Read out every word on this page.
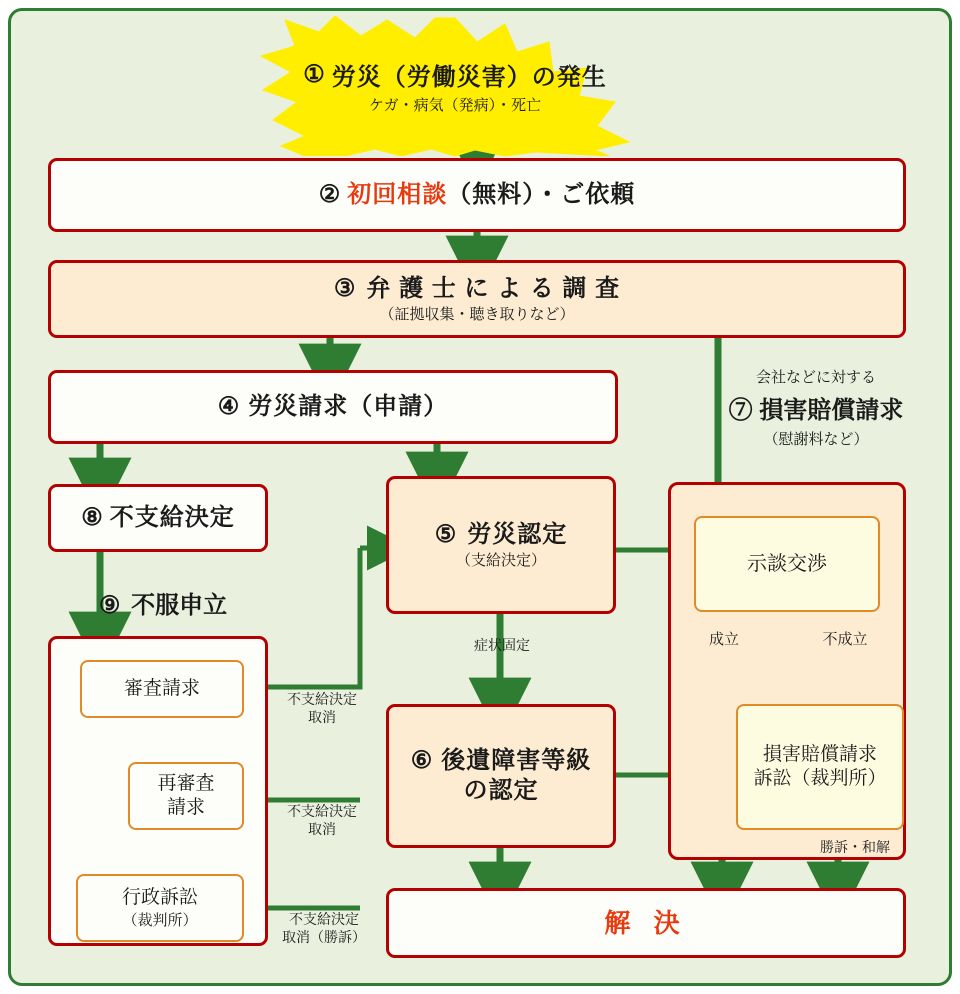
① 労災（労働災害）の発生
ケガ・病気（発病）・死亡
② 初回相談 （無料）・ご依頼
③ 弁 護 士 に よ る 調 査
（証拠収集・聴き取りなど）
④ 労災請求（申請）
会社などに対する
⑦ 損害賠償請求
（慰謝料など）
示談交渉
損害賠償請求
訴訟（裁判所）
⑧ 不支給決定
⑨ 不服申立
審査請求
再審査
請求
行政訴訟
（裁判所）
⑤ 労災認定
（支給決定）
⑥ 後遺障害等級
の認定
解 決
症状固定	成立	不成立
勝訴・和解
不支給決定
取消
不支給決定
取消
不支給決定
取消（勝訴）
